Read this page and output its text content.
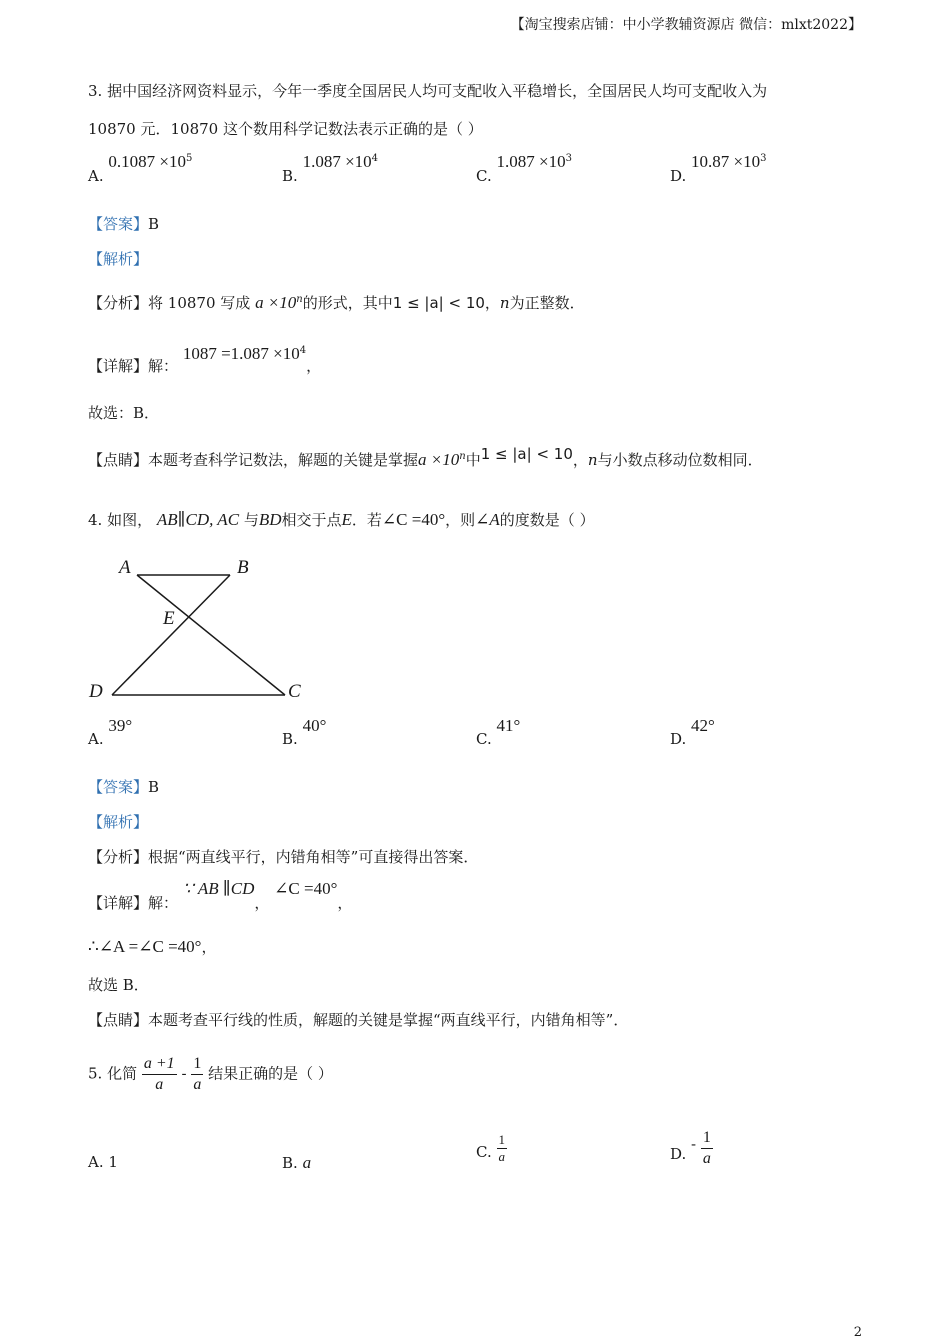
【淘宝搜索店铺：中小学教辅资源店 微信：mlxt2022】
3. 据中国经济网资料显示，今年一季度全国居民人均可支配收入平稳增长，全国居民人均可支配收入为
10870 元．10870 这个数用科学记数法表示正确的是（ ）
A. $0.1087 \times 10^5$
B. $1.087 \times 10^4$
C. $1.087 \times 10^3$
D. $10.87 \times 10^3$
【答案】B
【解析】
【分析】将 10870 写成 $a \times 10^n$的形式，其中1 ≤ |a| < 10，n为正整数．
【详解】解： $1087 =1.087 \times 10^4$，
故选：B．
【点睛】本题考查科学记数法，解题的关键是掌握$a \times 10^n$中1 ≤ |a| < 10，n与小数点移动位数相同．
4. 如图， AB∥CD, AC 与BD相交于点E．若∠C =40°，则∠A的度数是（ ）
A	B
E
D	C
A. 39°
B. 40°
C. 41°
D. 42°
【答案】B
【解析】
【分析】根据“两直线平行，内错角相等”可直接得出答案．
【详解】解： ∵ AB ∥CD， ∠C =40°，
∴∠A =∠C =40°，
故选 B．
【点睛】本题考查平行线的性质，解题的关键是掌握“两直线平行，内错角相等”．
5. 化简 $\frac{a +1}{a} - \frac{1}{a}$ 结果正确的是（ ）
A. 1	B. a
C. $\frac{1}{a}$	D. - $\frac{1}{a}$
2
